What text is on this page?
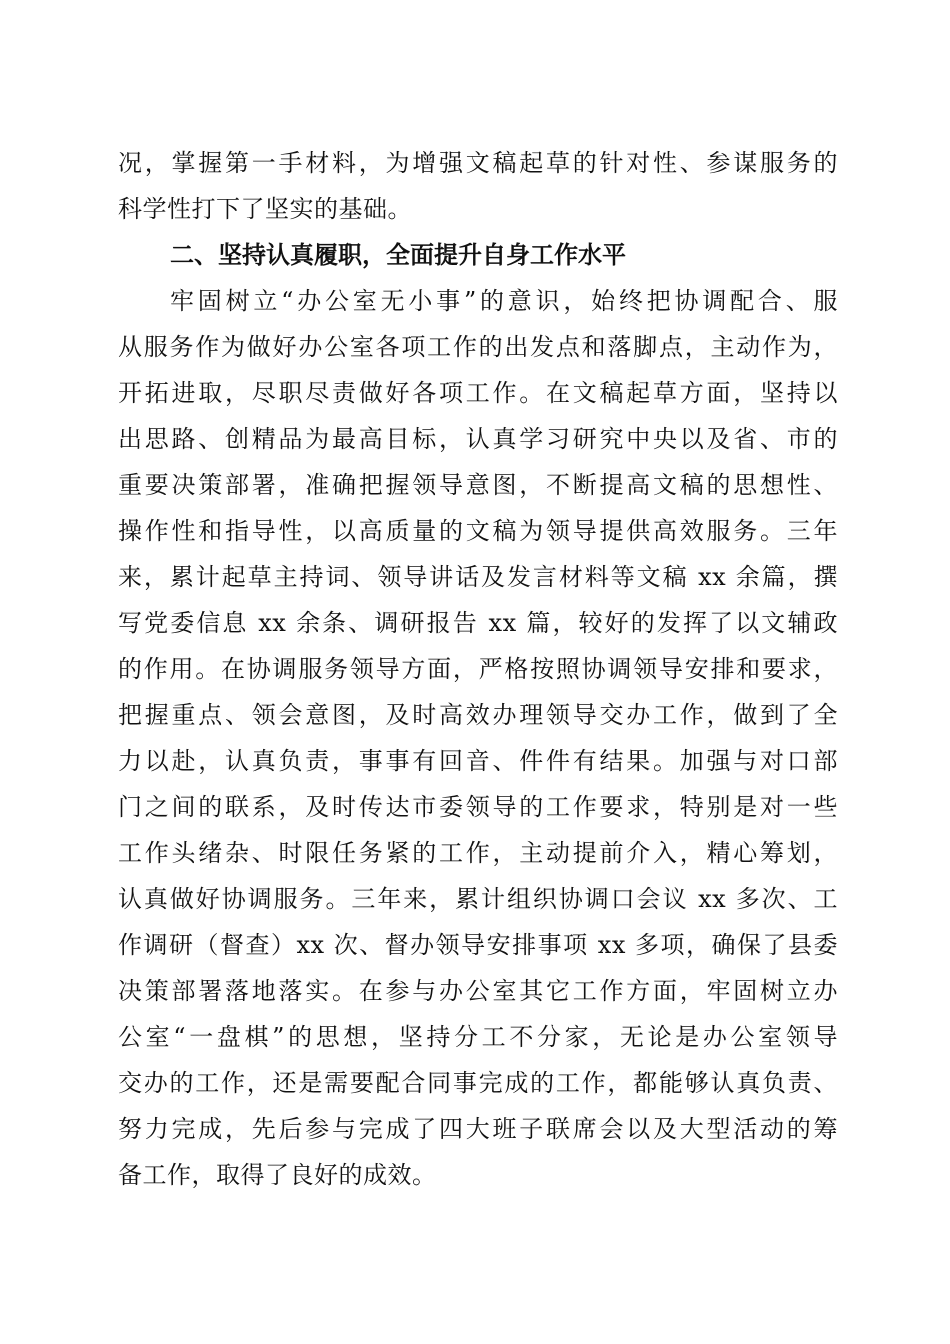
况，掌握第一手材料，为增强文稿起草的针对性、参谋服务的
科学性打下了坚实的基础。
二、坚持认真履职，全面提升自身工作水平
牢固树立“办公室无小事”的意识，始终把协调配合、服
从服务作为做好办公室各项工作的出发点和落脚点，主动作为，
开拓进取，尽职尽责做好各项工作。在文稿起草方面，坚持以
出思路、创精品为最高目标，认真学习研究中央以及省、市的
重要决策部署，准确把握领导意图，不断提高文稿的思想性、
操作性和指导性，以高质量的文稿为领导提供高效服务。三年
来，累计起草主持词、领导讲话及发言材料等文稿 xx 余篇，撰
写党委信息 xx 余条、调研报告 xx 篇，较好的发挥了以文辅政
的作用。在协调服务领导方面，严格按照协调领导安排和要求，
把握重点、领会意图，及时高效办理领导交办工作，做到了全
力以赴，认真负责，事事有回音、件件有结果。加强与对口部
门之间的联系，及时传达市委领导的工作要求，特别是对一些
工作头绪杂、时限任务紧的工作，主动提前介入，精心筹划，
认真做好协调服务。三年来，累计组织协调口会议 xx 多次、工
作调研（督查）xx 次、督办领导安排事项 xx 多项，确保了县委
决策部署落地落实。在参与办公室其它工作方面，牢固树立办
公室“一盘棋”的思想，坚持分工不分家，无论是办公室领导
交办的工作，还是需要配合同事完成的工作，都能够认真负责、
努力完成，先后参与完成了四大班子联席会以及大型活动的筹
备工作，取得了良好的成效。
